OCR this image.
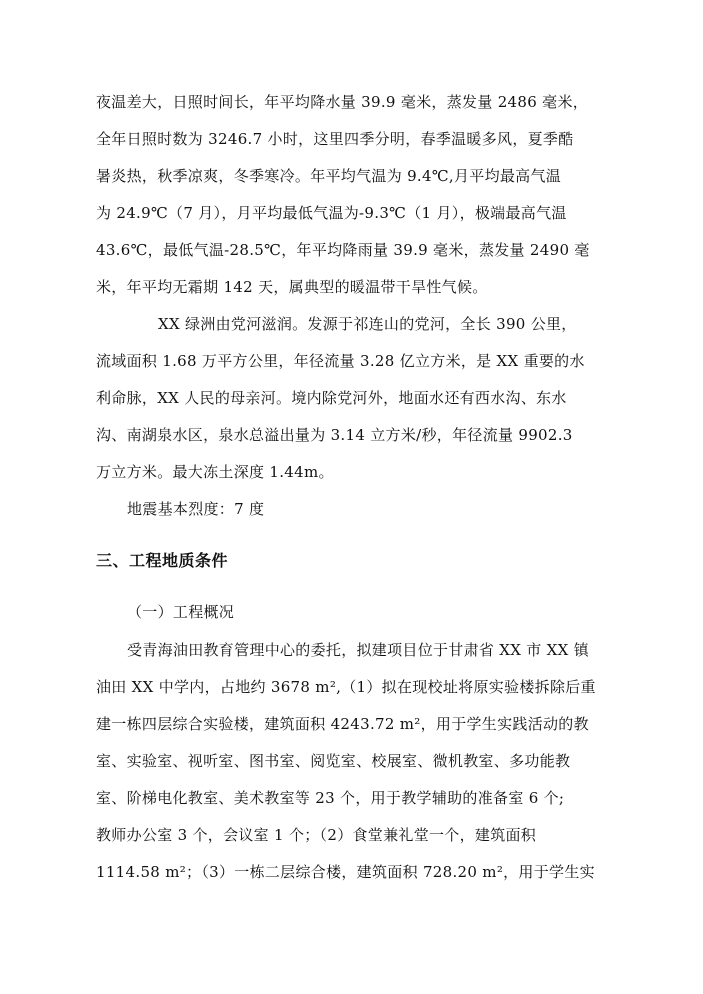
夜温差大，日照时间长，年平均降水量 39.9 毫米，蒸发量 2486 毫米，
全年日照时数为 3246.7 小时，这里四季分明，春季温暖多风，夏季酷
暑炎热，秋季凉爽，冬季寒冷。年平均气温为 9.4℃,月平均最高气温
为 24.9℃（7 月），月平均最低气温为-9.3℃（1 月），极端最高气温
43.6℃，最低气温-28.5℃，年平均降雨量 39.9 毫米，蒸发量 2490 毫
米，年平均无霜期 142 天，属典型的暖温带干旱性气候。
XX 绿洲由党河滋润。发源于祁连山的党河，全长 390 公里，
流域面积 1.68 万平方公里，年径流量 3.28 亿立方米，是 XX 重要的水
利命脉，XX 人民的母亲河。境内除党河外，地面水还有西水沟、东水
沟、南湖泉水区，泉水总溢出量为 3.14 立方米/秒，年径流量 9902.3
万立方米。最大冻土深度 1.44m。
地震基本烈度：7 度
三、工程地质条件
（一）工程概况
受青海油田教育管理中心的委托，拟建项目位于甘肃省 XX 市 XX 镇
油田 XX 中学内，占地约 3678 m²,（1）拟在现校址将原实验楼拆除后重
建一栋四层综合实验楼，建筑面积 4243.72 m²，用于学生实践活动的教
室、实验室、视听室、图书室、阅览室、校展室、微机教室、多功能教
室、阶梯电化教室、美术教室等 23 个，用于教学辅助的准备室 6 个;
教师办公室 3 个，会议室 1 个；（2）食堂兼礼堂一个，建筑面积
1114.58 m²；（3）一栋二层综合楼，建筑面积 728.20 m²，用于学生实
